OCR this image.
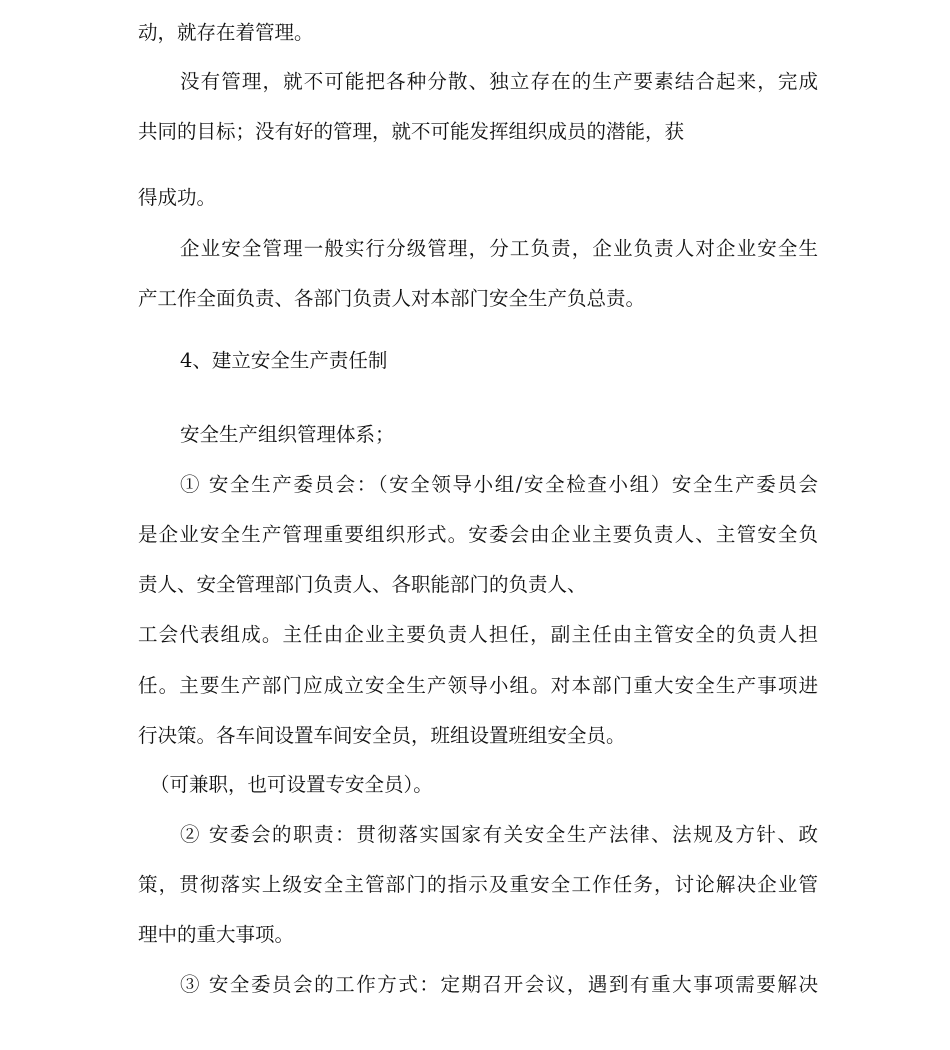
动，就存在着管理。
没有管理，就不可能把各种分散、独立存在的生产要素结合起来，完成
共同的目标；没有好的管理，就不可能发挥组织成员的潜能，获
得成功。
企业安全管理一般实行分级管理，分工负责，企业负责人对企业安全生
产工作全面负责、各部门负责人对本部门安全生产负总责。
4、建立安全生产责任制
安全生产组织管理体系；
① 安全生产委员会：（安全领导小组/安全检查小组）安全生产委员会
是企业安全生产管理重要组织形式。安委会由企业主要负责人、主管安全负
责人、安全管理部门负责人、各职能部门的负责人、
工会代表组成。主任由企业主要负责人担任，副主任由主管安全的负责人担
任。主要生产部门应成立安全生产领导小组。对本部门重大安全生产事项进
行决策。各车间设置车间安全员，班组设置班组安全员。
（可兼职，也可设置专安全员）。
② 安委会的职责：贯彻落实国家有关安全生产法律、法规及方针、政
策，贯彻落实上级安全主管部门的指示及重安全工作任务，讨论解决企业管
理中的重大事项。
③ 安全委员会的工作方式：定期召开会议，遇到有重大事项需要解决
